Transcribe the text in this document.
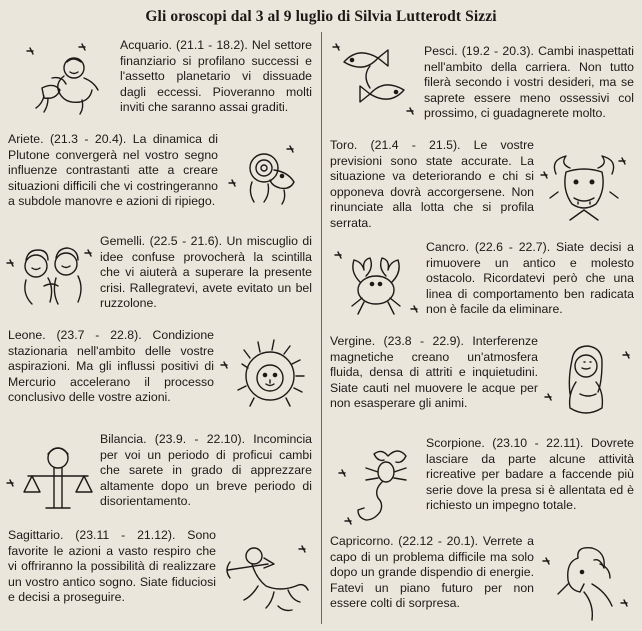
Gli oroscopi dal 3 al 9 luglio di Silvia Lutterodt Sizzi

Acquario. (21.1 - 18.2). Nel settore finanziario si profilano successi e l'assetto planetario vi dissuade dagli eccessi. Pioveranno molti inviti che saranno assai graditi.

Ariete. (21.3 - 20.4). La dinamica di Plutone convergerà nel vostro segno influenze contrastanti atte a creare situazioni difficili che vi costringeranno a subdole manovre e azioni di ripiego.

Gemelli. (22.5 - 21.6). Un miscuglio di idee confuse provocherà la scintilla che vi aiuterà a superare la presente crisi. Rallegratevi, avete evitato un bel ruzzolone.

Leone. (23.7 - 22.8). Condizione stazionaria nell'ambito delle vostre aspirazioni. Ma gli influssi positivi di Mercurio accelerano il processo conclusivo delle vostre azioni.

Bilancia. (23.9. - 22.10). Incomincia per voi un periodo di proficui cambi che sarete in grado di apprezzare altamente dopo un breve periodo di disorientamento.

Sagittario. (23.11 - 21.12). Sono favorite le azioni a vasto respiro che vi offriranno la possibilità di realizzare un vostro antico sogno. Siate fiduciosi e decisi a proseguire.

Pesci. (19.2 - 20.3). Cambi inaspettati nell'ambito della carriera. Non tutto filerà secondo i vostri desideri, ma se saprete essere meno ossessivi col prossimo, ci guadagnerete molto.

Toro. (21.4 - 21.5). Le vostre previsioni sono state accurate. La situazione va deteriorando e chi si opponeva dovrà accorgersene. Non rinunciate alla lotta che si profila serrata.

Cancro. (22.6 - 22.7). Siate decisi a rimuovere un antico e molesto ostacolo. Ricordatevi però che una linea di comportamento ben radicata non è facile da eliminare.

Vergine. (23.8 - 22.9). Interferenze magnetiche creano un'atmosfera fluida, densa di attriti e inquietudini. Siate cauti nel muovere le acque per non esasperare gli animi.

Scorpione. (23.10 - 22.11). Dovrete lasciare da parte alcune attività ricreative per badare a faccende più serie dove la presa si è allentata ed è richiesto un impegno totale.

Capricorno. (22.12 - 20.1). Verrete a capo di un problema difficile ma solo dopo un grande dispendio di energie. Fatevi un piano futuro per non essere colti di sorpresa.
